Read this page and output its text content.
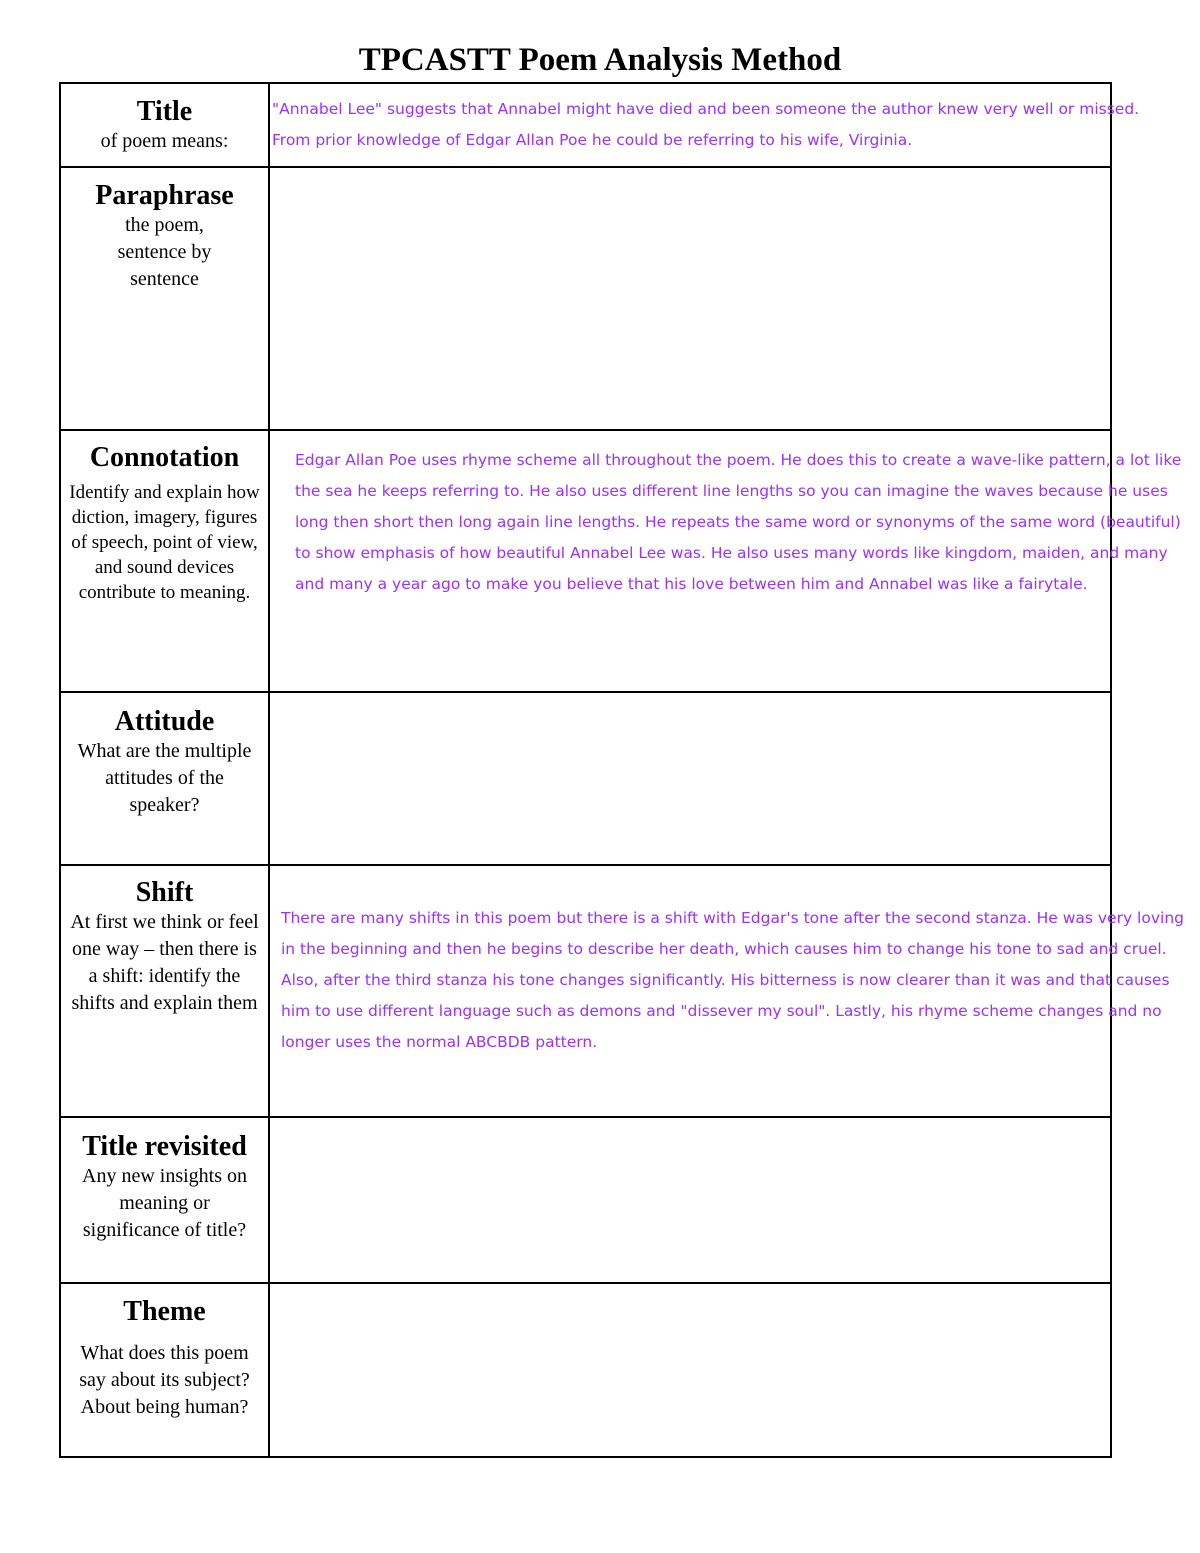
TPCASTT Poem Analysis Method
Title
of poem means:
"Annabel Lee" suggests that Annabel might have died and been someone the author knew very well or missed. From prior knowledge of Edgar Allan Poe he could be referring to his wife, Virginia.
Paraphrase
the poem, sentence by sentence
Connotation
Identify and explain how diction, imagery, figures of speech, point of view, and sound devices contribute to meaning.
Edgar Allan Poe uses rhyme scheme all throughout the poem. He does this to create a wave-like pattern, a lot like the sea he keeps referring to. He also uses different line lengths so you can imagine the waves because he uses long then short then long again line lengths. He repeats the same word or synonyms of the same word (beautiful) to show emphasis of how beautiful Annabel Lee was. He also uses many words like kingdom, maiden, and many and many a year ago to make you believe that his love between him and Annabel was like a fairytale.
Attitude
What are the multiple attitudes of the speaker?
Shift
At first we think or feel one way – then there is a shift: identify the shifts and explain them
There are many shifts in this poem but there is a shift with Edgar's tone after the second stanza. He was very loving in the beginning and then he begins to describe her death, which causes him to change his tone to sad and cruel. Also, after the third stanza his tone changes significantly. His bitterness is now clearer than it was and that causes him to use different language such as demons and "dissever my soul". Lastly, his rhyme scheme changes and no longer uses the normal ABCBDB pattern.
Title revisited
Any new insights on meaning or significance of title?
Theme
What does this poem say about its subject? About being human?
